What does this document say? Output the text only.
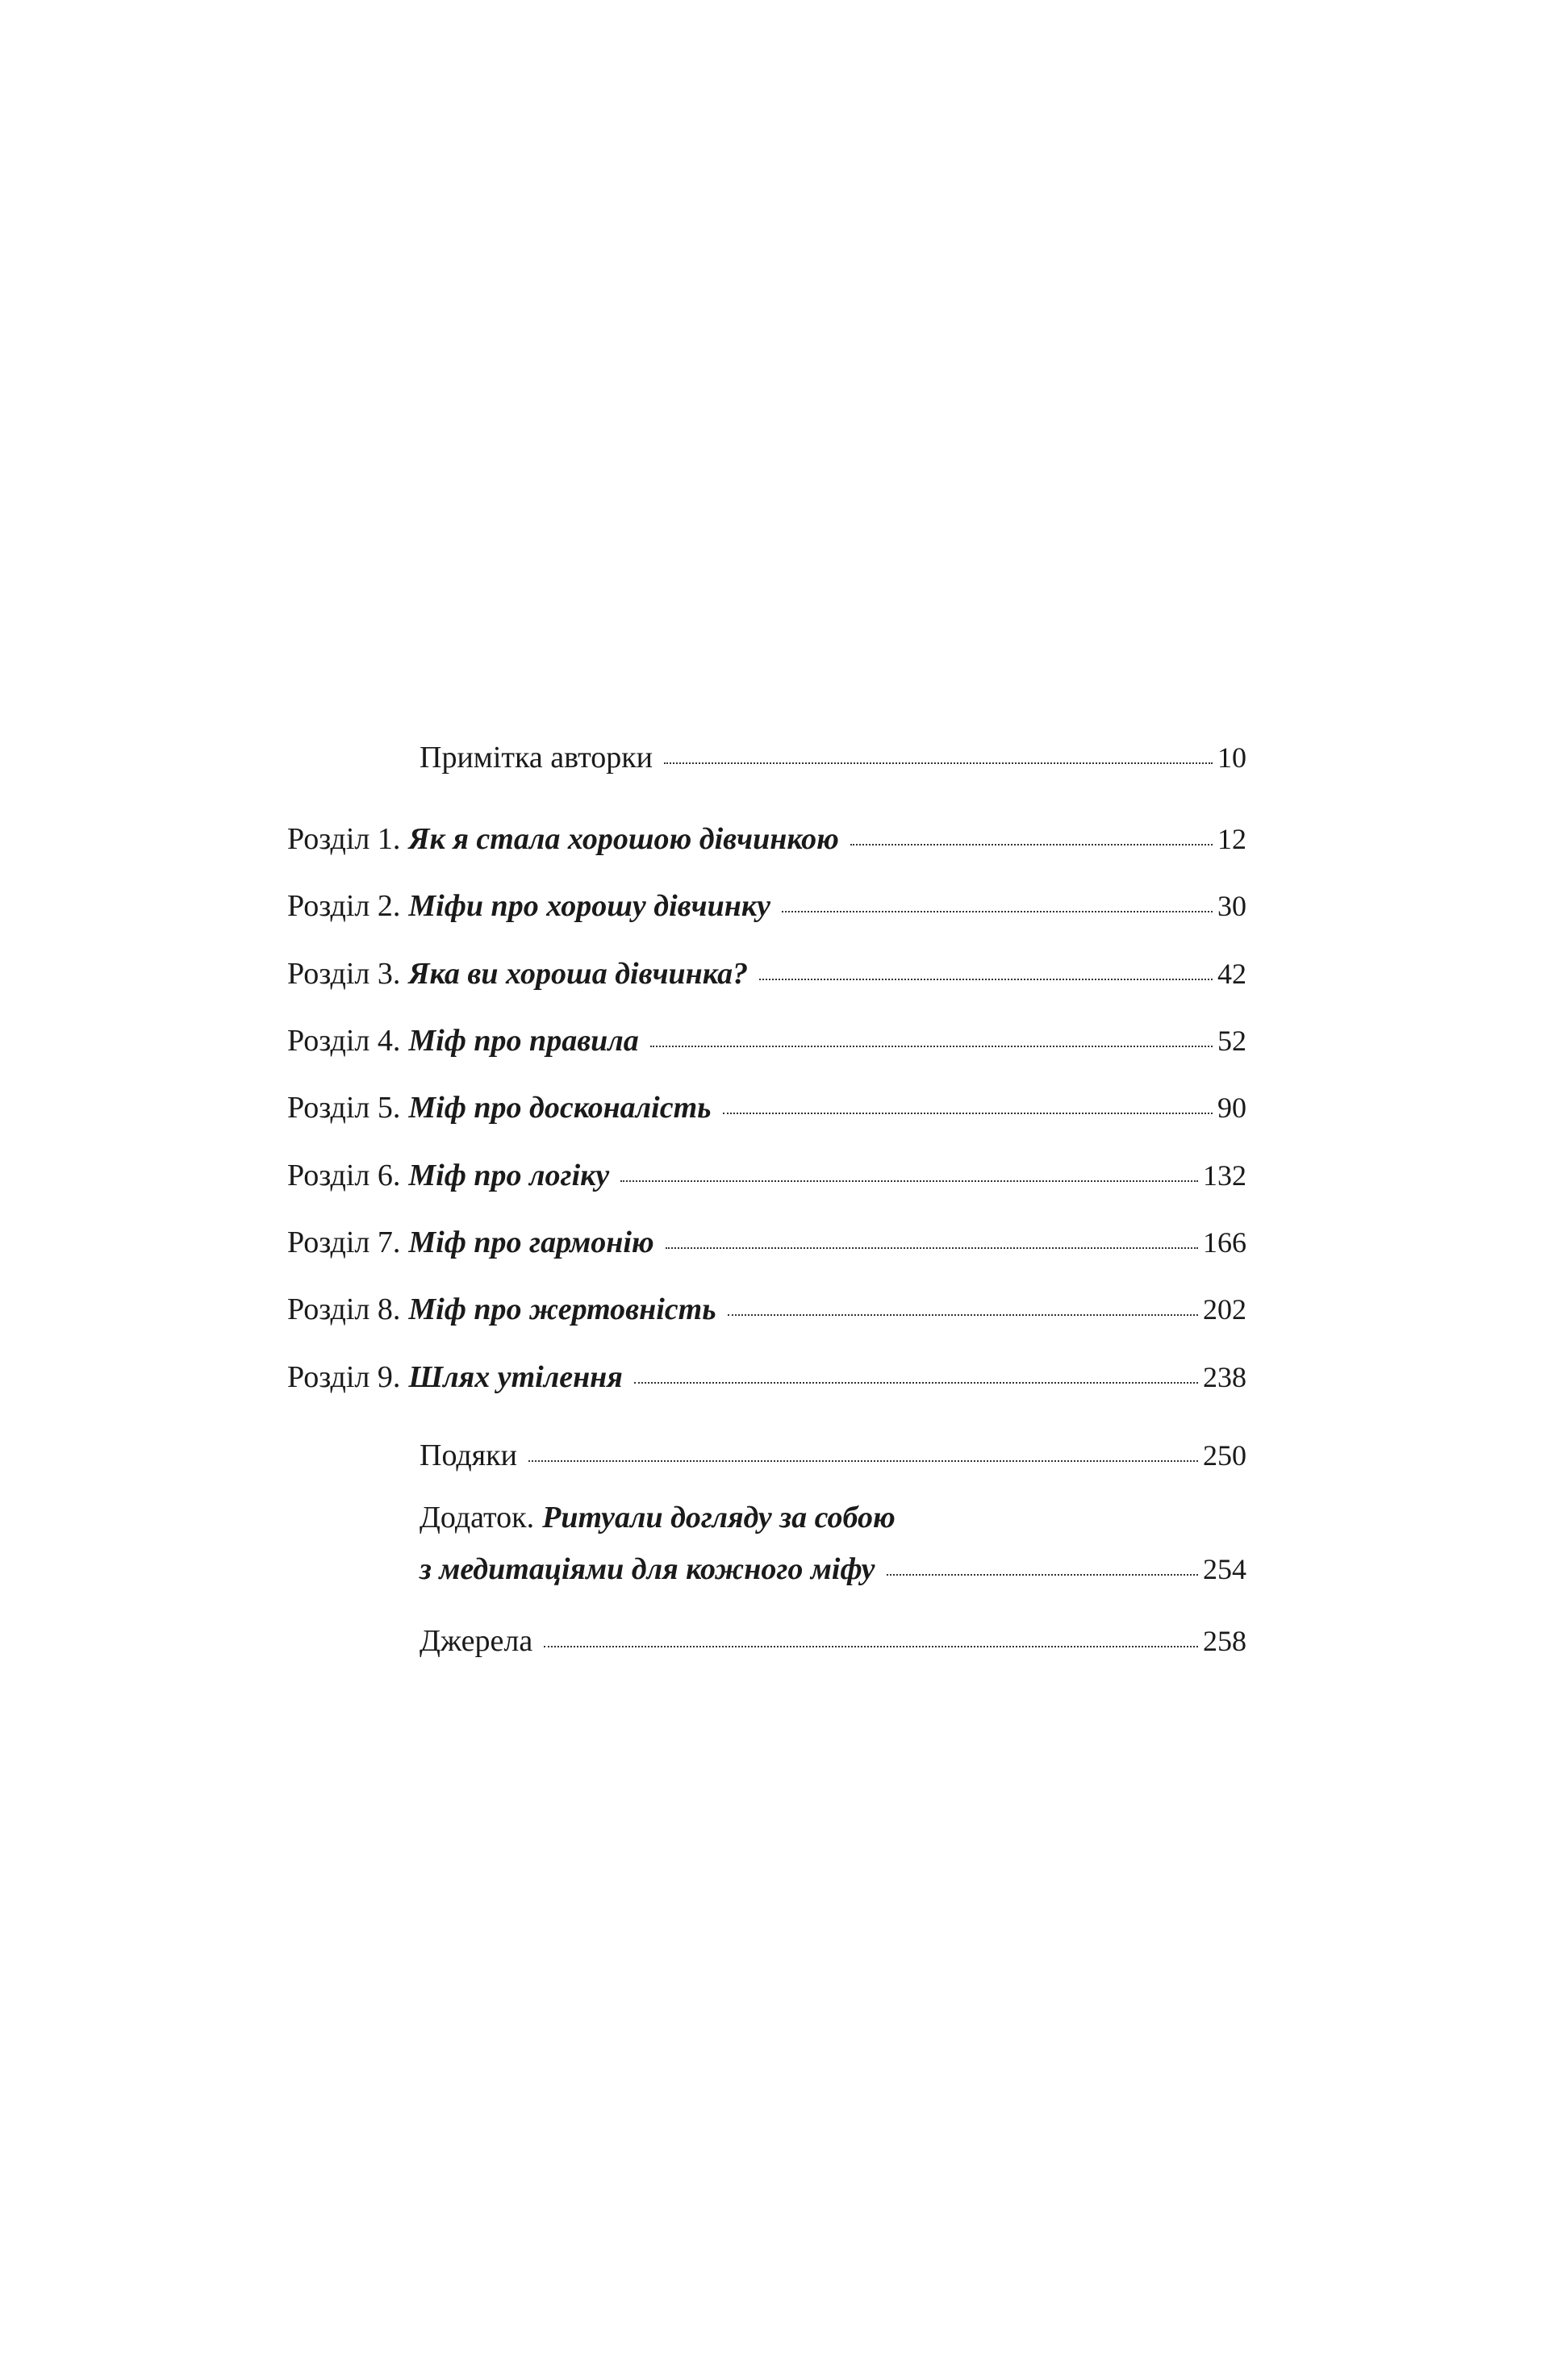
Примітка авторки	10
Розділ 1. Як я стала хорошою дівчинкою	12
Розділ 2. Міфи про хорошу дівчинку	30
Розділ 3. Яка ви хороша дівчинка?	42
Розділ 4. Міф про правила	52
Розділ 5. Міф про досконалість	90
Розділ 6. Міф про логіку	132
Розділ 7. Міф про гармонію	166
Розділ 8. Міф про жертовність	202
Розділ 9. Шлях утілення	238
Подяки	250
Додаток. Ритуали догляду за собою
з медитаціями для кожного міфу	254
Джерела	258
